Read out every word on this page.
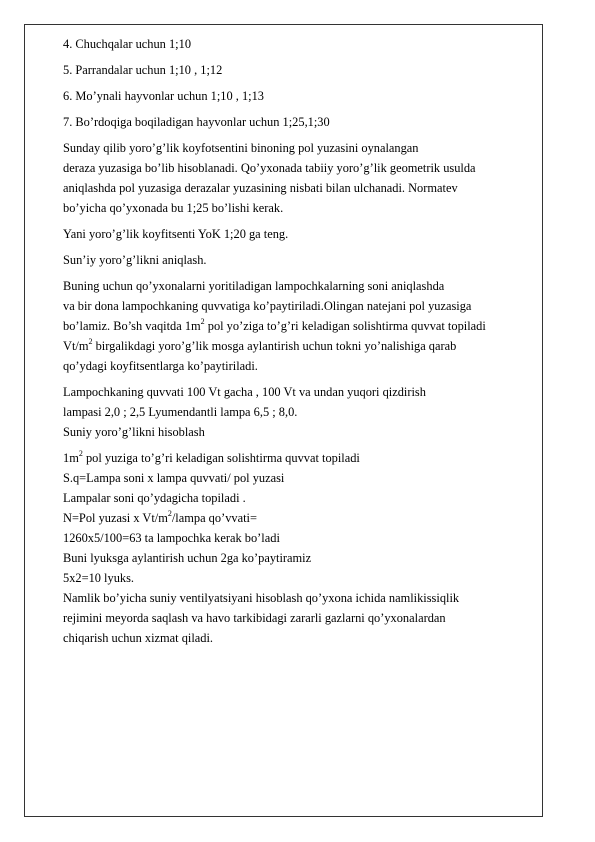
4. Chuchqalar uchun 1;10
5. Parrandalar uchun 1;10 , 1;12
6. Mo’ynali hayvonlar uchun 1;10 , 1;13
7. Bo’rdoqiga boqiladigan hayvonlar uchun 1;25,1;30
Sunday qilib yoro’g’lik koyfotsentini binoning pol yuzasini oynalangan
deraza yuzasiga bo’lib hisoblanadi. Qo’yxonada tabiiy yoro’g’lik geometrik usulda
aniqlashda pol yuzasiga derazalar yuzasining nisbati bilan ulchanadi. Normatev
bo’yicha qo’yxonada bu 1;25 bo’lishi kerak.
Yani yoro’g’lik koyfitsenti YoK 1;20 ga teng.
Sun’iy yoro’g’likni aniqlash.
Buning uchun qo’yxonalarni yoritiladigan lampochkalarning soni aniqlashda
va bir dona lampochkaning quvvatiga ko’paytiriladi.Olingan natejani pol yuzasiga
bo’lamiz. Bo’sh vaqitda $1m^2$ pol yo’ziga to’g’ri keladigan solishtirma quvvat topiladi
$Vt/m^2$ birgalikdagi yoro’g’lik mosga aylantirish uchun tokni yo’nalishiga qarab
qo’ydagi koyfitsentlarga ko’paytiriladi.
Lampochkaning quvvati 100 Vt gacha , 100 Vt va undan yuqori qizdirish
lampasi 2,0 ; 2,5 Lyumendantli lampa 6,5 ; 8,0.
Suniy yoro’g’likni hisoblash
$1m^2$ pol yuziga to’g’ri keladigan solishtirma quvvat topiladi
S.q=Lampa soni x lampa quvvati/ pol yuzasi
Lampalar soni qo’ydagicha topiladi .
N=Pol yuzasi x $Vt/m^2$/lampa qo’vvati=
1260x5/100=63 ta lampochka kerak bo’ladi
Buni lyuksga aylantirish uchun 2ga ko’paytiramiz
5x2=10 lyuks.
Namlik bo’yicha suniy ventilyatsiyani hisoblash qo’yxona ichida namlikissiqlik
rejimini meyorda saqlash va havo tarkibidagi zararli gazlarni qo’yxonalardan
chiqarish uchun xizmat qiladi.
